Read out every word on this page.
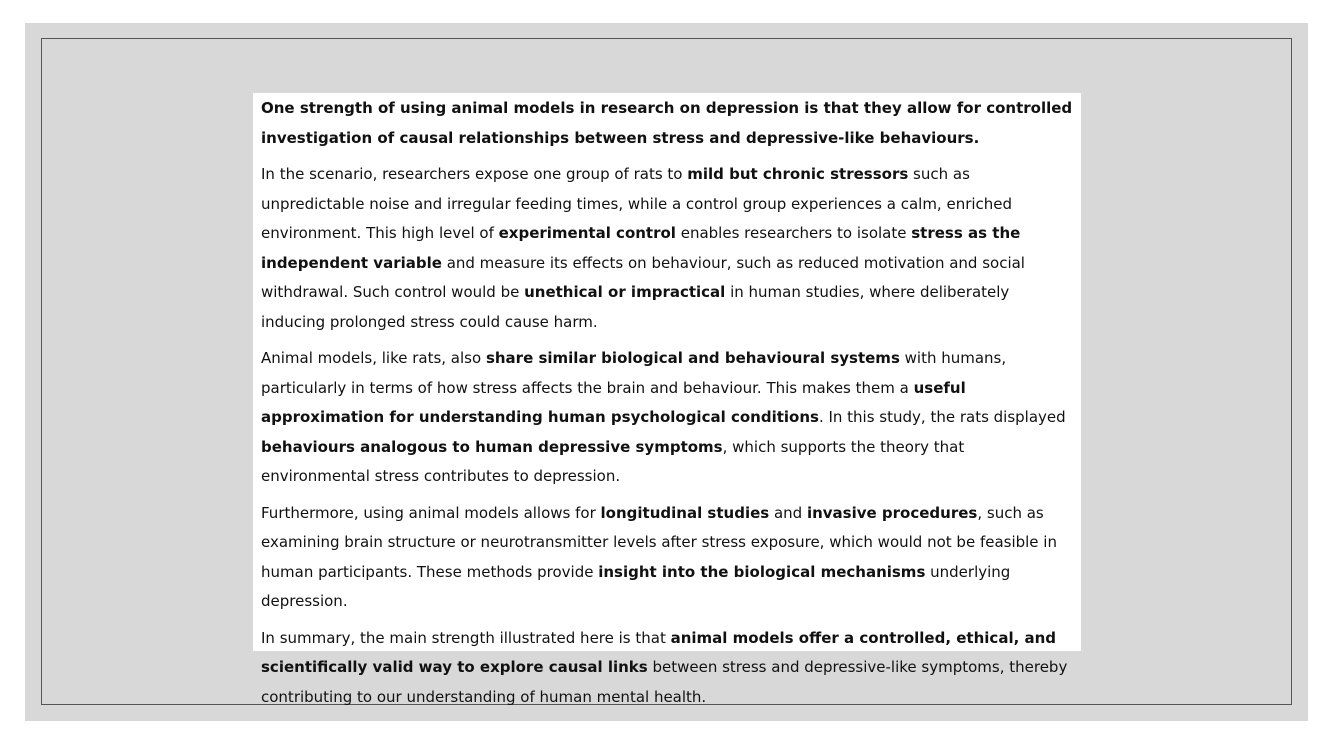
One strength of using animal models in research on depression is that they allow for controlled investigation of causal relationships between stress and depressive-like behaviours.

In the scenario, researchers expose one group of rats to mild but chronic stressors such as unpredictable noise and irregular feeding times, while a control group experiences a calm, enriched environment. This high level of experimental control enables researchers to isolate stress as the independent variable and measure its effects on behaviour, such as reduced motivation and social withdrawal. Such control would be unethical or impractical in human studies, where deliberately inducing prolonged stress could cause harm.

Animal models, like rats, also share similar biological and behavioural systems with humans, particularly in terms of how stress affects the brain and behaviour. This makes them a useful approximation for understanding human psychological conditions. In this study, the rats displayed behaviours analogous to human depressive symptoms, which supports the theory that environmental stress contributes to depression.

Furthermore, using animal models allows for longitudinal studies and invasive procedures, such as examining brain structure or neurotransmitter levels after stress exposure, which would not be feasible in human participants. These methods provide insight into the biological mechanisms underlying depression.

In summary, the main strength illustrated here is that animal models offer a controlled, ethical, and scientifically valid way to explore causal links between stress and depressive-like symptoms, thereby contributing to our understanding of human mental health.
